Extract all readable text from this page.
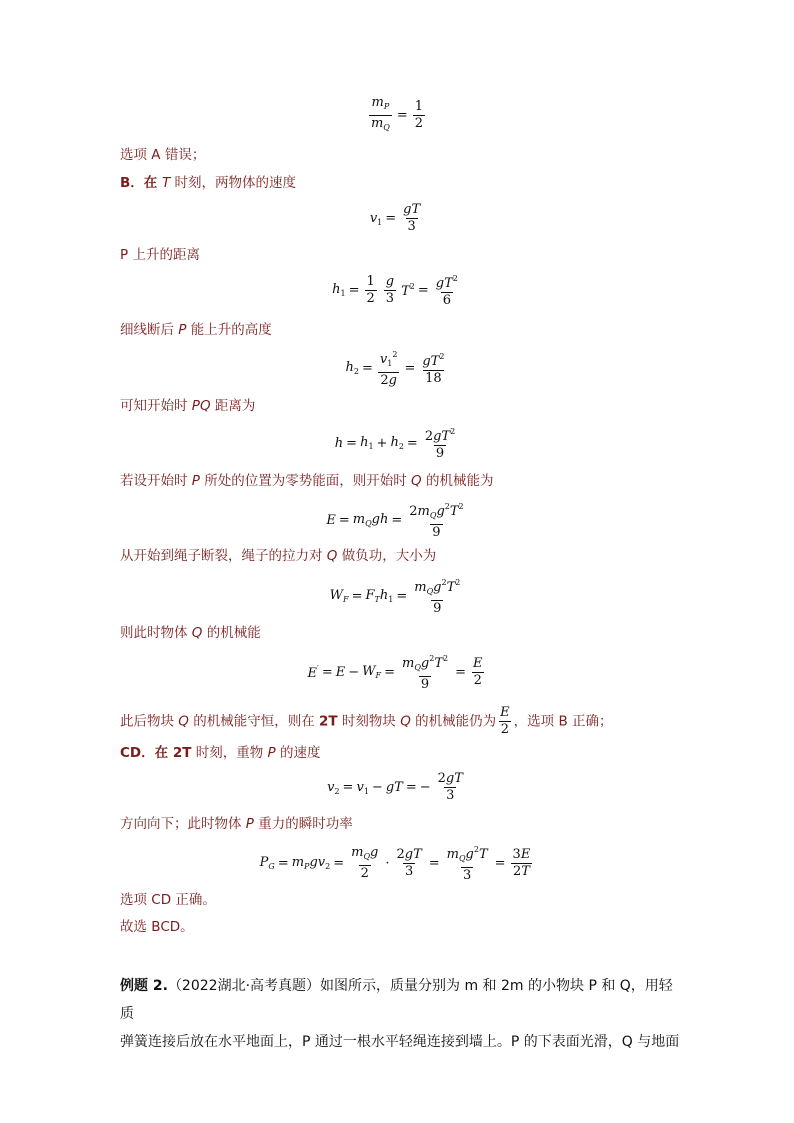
$\frac{m_P}{m_Q} = \frac{1}{2}$
选项 A 错误；
B．在 T 时刻，两物体的速度
$v_1 = \frac{gT}{3}$
P 上升的距离
$h_1 = \frac{1}{2}$ g
3 $T^2 = \frac{gT^2}{6}$
细线断后 P 能上升的高度
$h_2 = \frac{v_1^2}{2g} = \frac{gT^2}{18}$
可知开始时 PQ 距离为
$h = h_1 + h_2 = \frac{2gT^2}{9}$
若设开始时 P 所处的位置为零势能面，则开始时 Q 的机械能为
$E = m_Qgh$ =
$2m_Qg^2T^2$
9
从开始到绳子断裂，绳子的拉力对 Q 做负功，大小为
$W_F = F_Th_1$ =
$m_Qg^2T^2$
9
则此时物体 Q 的机械能
$E' = E - W_F$ =
$m_Qg^2T^2$
9
= $\frac{E}{2}$
此后物块 Q 的机械能守恒，则在 2T 时刻物块 Q 的机械能仍为 $\frac{E}{2}$ ，选项 B 正确；
CD．在 2T 时刻，重物 P 的速度
$v_2 = v_1$ − gT = − $\frac{2gT}{3}$
方向向下；此时物体 P 重力的瞬时功率
$P_G = m_Pgv_2$ =
$m_Qg$
2
· $\frac{2gT}{3}$ =
$m_Qg^2T$
3
= $\frac{3E}{2T}$
选项 CD 正确。
故选 BCD。
例题 2.（2022湖北·高考真题）如图所示，质量分别为 m 和 2m 的小物块 P 和 Q，用轻质
弹簧连接后放在水平地面上，P 通过一根水平轻绳连接到墙上。P 的下表面光滑，Q 与地面
